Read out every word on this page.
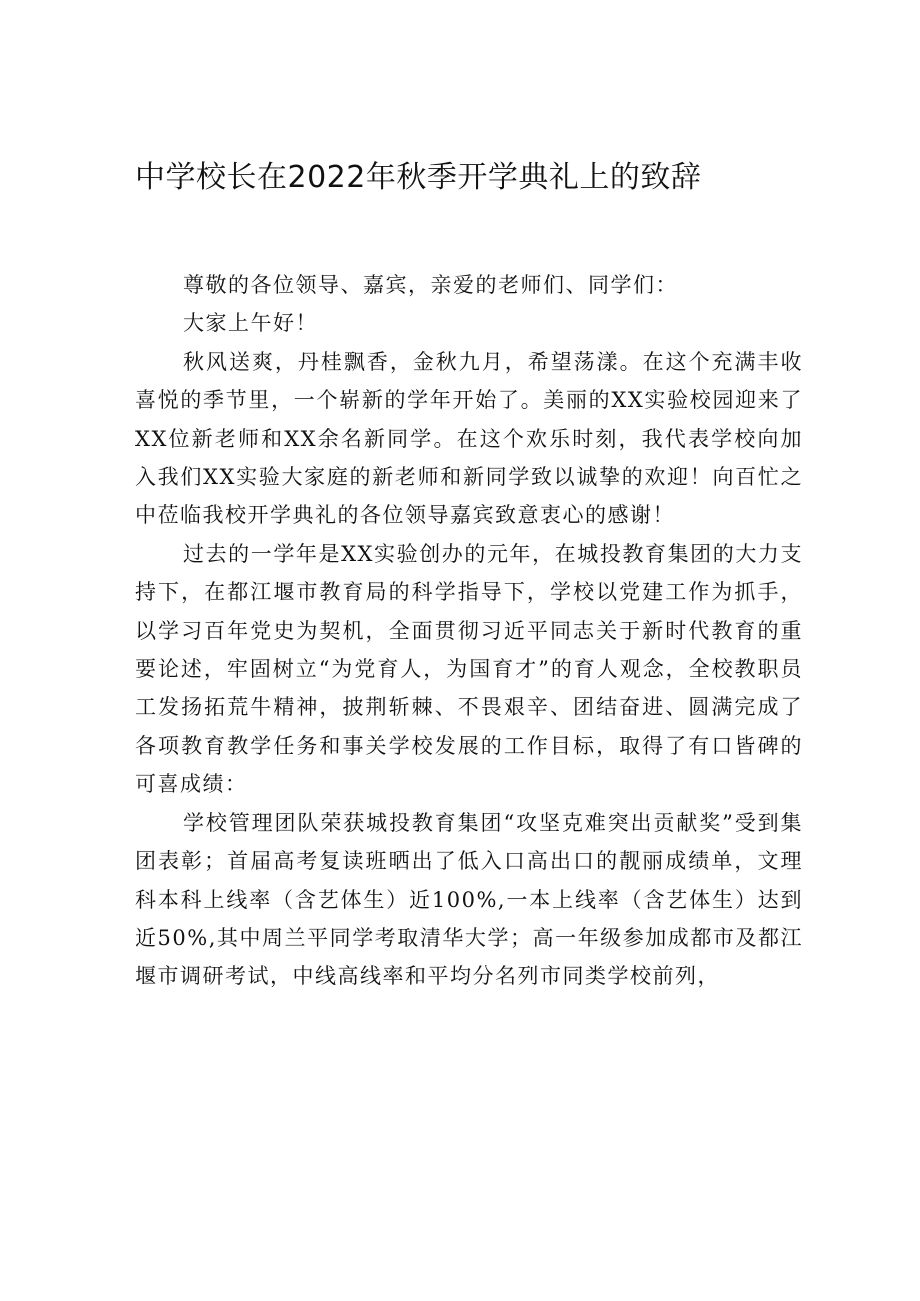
中学校长在2022年秋季开学典礼上的致辞

尊敬的各位领导、嘉宾，亲爱的老师们、同学们：

大家上午好！

秋风送爽，丹桂飘香，金秋九月，希望荡漾。在这个充满丰收喜悦的季节里，一个崭新的学年开始了。美丽的XX实验校园迎来了XX位新老师和XX余名新同学。在这个欢乐时刻，我代表学校向加入我们XX实验大家庭的新老师和新同学致以诚挚的欢迎！向百忙之中莅临我校开学典礼的各位领导嘉宾致意衷心的感谢！

过去的一学年是XX实验创办的元年，在城投教育集团的大力支持下，在都江堰市教育局的科学指导下，学校以党建工作为抓手，以学习百年党史为契机，全面贯彻习近平同志关于新时代教育的重要论述，牢固树立“为党育人，为国育才”的育人观念，全校教职员工发扬拓荒牛精神，披荆斩棘、不畏艰辛、团结奋进、圆满完成了各项教育教学任务和事关学校发展的工作目标，取得了有口皆碑的可喜成绩：

学校管理团队荣获城投教育集团“攻坚克难突出贡献奖”受到集团表彰；首届高考复读班晒出了低入口高出口的靓丽成绩单，文理科本科上线率（含艺体生）近100%,一本上线率（含艺体生）达到近50%,其中周兰平同学考取清华大学；高一年级参加成都市及都江堰市调研考试，中线高线率和平均分名列市同类学校前列，
